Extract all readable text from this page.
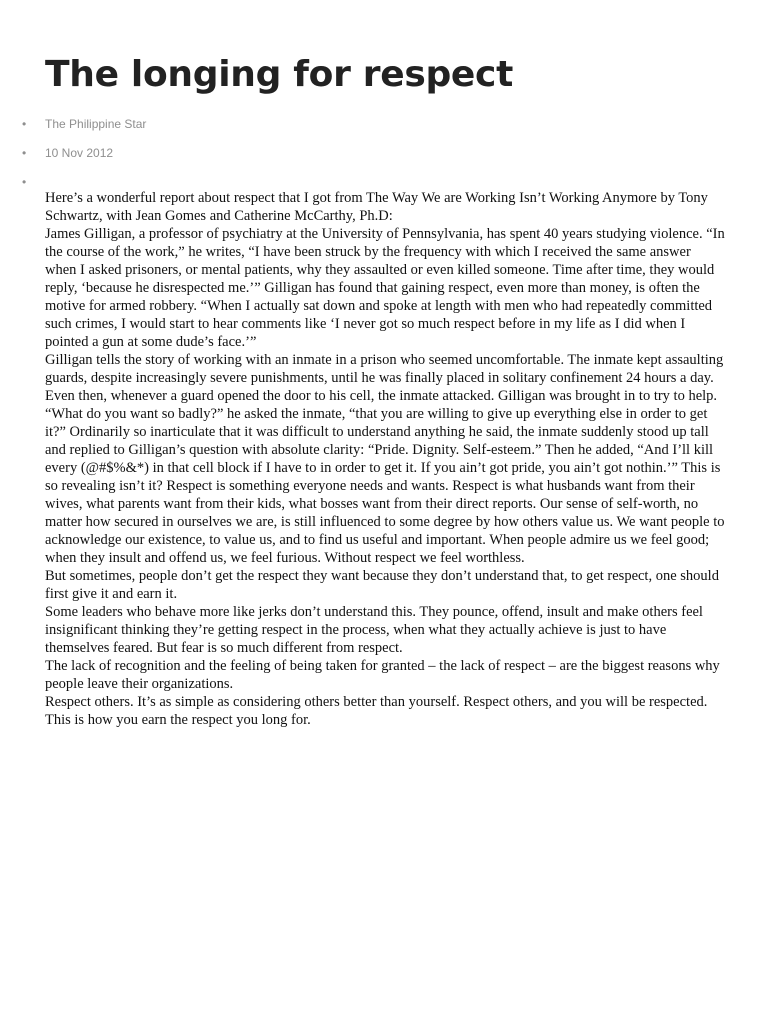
The longing for respect
• The Philippine Star
• 10 Nov 2012
•

Here’s a wonderful report about respect that I got from The Way We are Working Isn’t Working Anymore by Tony Schwartz, with Jean Gomes and Catherine McCarthy, Ph.D:

James Gilligan, a professor of psychiatry at the University of Pennsylvania, has spent 40 years studying violence. “In the course of the work,” he writes, “I have been struck by the frequency with which I received the same answer when I asked prisoners, or mental patients, why they assaulted or even killed someone. Time after time, they would reply, ‘because he disrespected me.’” Gilligan has found that gaining respect, even more than money, is often the motive for armed robbery. “When I actually sat down and spoke at length with men who had repeatedly committed such crimes, I would start to hear comments like ‘I never got so much respect before in my life as I did when I pointed a gun at some dude’s face.’”

Gilligan tells the story of working with an inmate in a prison who seemed uncomfortable. The inmate kept assaulting guards, despite increasingly severe punishments, until he was finally placed in solitary confinement 24 hours a day. Even then, whenever a guard opened the door to his cell, the inmate attacked. Gilligan was brought in to try to help. “What do you want so badly?” he asked the inmate, “that you are willing to give up everything else in order to get it?” Ordinarily so inarticulate that it was difficult to understand anything he said, the inmate suddenly stood up tall and replied to Gilligan’s question with absolute clarity: “Pride. Dignity. Self-esteem.” Then he added, “And I’ll kill every (@#$%&*) in that cell block if I have to in order to get it. If you ain’t got pride, you ain’t got nothin.’” This is so revealing isn’t it? Respect is something everyone needs and wants. Respect is what husbands want from their wives, what parents want from their kids, what bosses want from their direct reports. Our sense of self-worth, no matter how secured in ourselves we are, is still influenced to some degree by how others value us. We want people to acknowledge our existence, to value us, and to find us useful and important. When people admire us we feel good; when they insult and offend us, we feel furious. Without respect we feel worthless.

But sometimes, people don’t get the respect they want because they don’t understand that, to get respect, one should first give it and earn it.

Some leaders who behave more like jerks don’t understand this. They pounce, offend, insult and make others feel insignificant thinking they’re getting respect in the process, when what they actually achieve is just to have themselves feared. But fear is so much different from respect.

The lack of recognition and the feeling of being taken for granted – the lack of respect – are the biggest reasons why people leave their organizations.

Respect others. It’s as simple as considering others better than yourself. Respect others, and you will be respected. This is how you earn the respect you long for.
